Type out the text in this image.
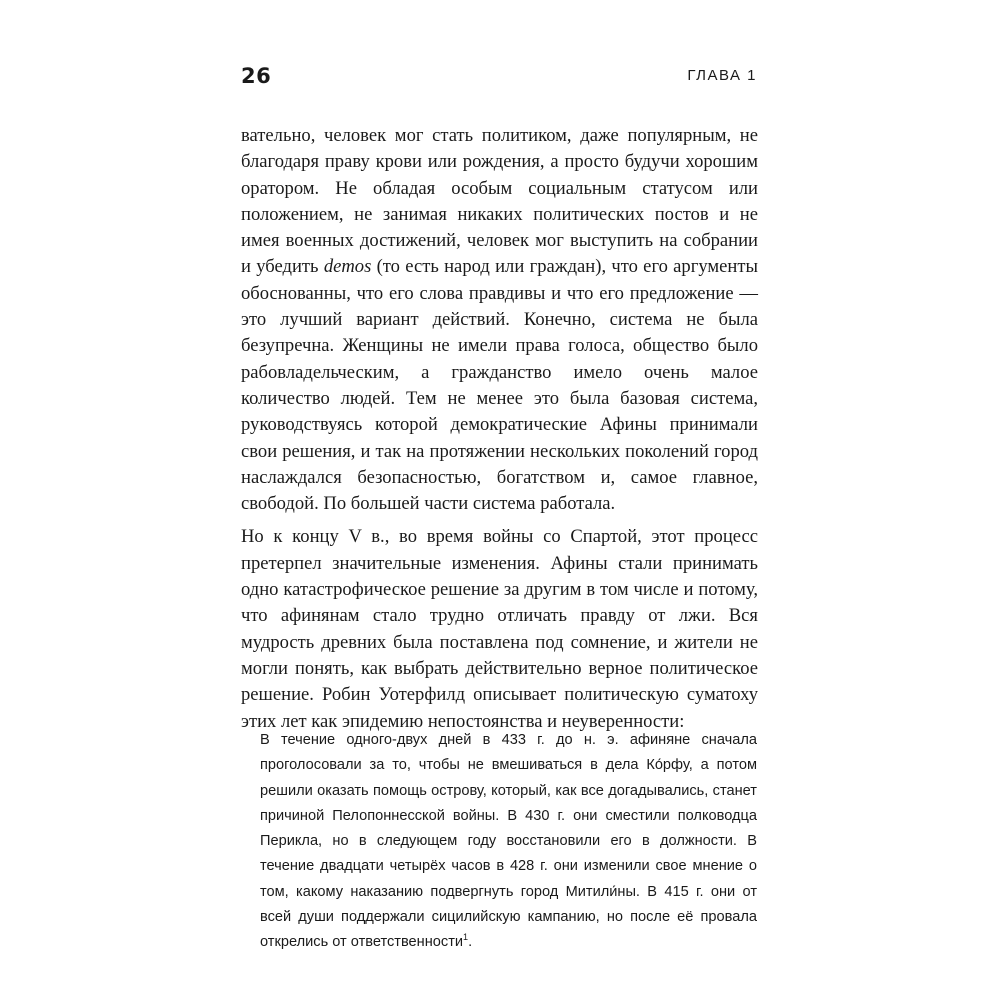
26	ГЛАВА 1

вательно, человек мог стать политиком, даже популярным, не благодаря праву крови или рождения, а просто будучи хорошим оратором. Не обладая особым социальным статусом или положением, не занимая никаких политических постов и не имея военных достижений, человек мог выступить на собрании и убедить demos (то есть народ или граждан), что его аргументы обоснованны, что его слова правдивы и что его предложение — это лучший вариант действий. Конечно, система не была безупречна. Женщины не имели права голоса, общество было рабовладельческим, а гражданство имело очень малое количество людей. Тем не менее это была базовая система, руководствуясь которой демократические Афины принимали свои решения, и так на протяжении нескольких поколений город наслаждался безопасностью, богатством и, самое главное, свободой. По большей части система работала.

Но к концу V в., во время войны со Спартой, этот процесс претерпел значительные изменения. Афины стали принимать одно катастрофическое решение за другим в том числе и потому, что афинянам стало трудно отличать правду от лжи. Вся мудрость древних была поставлена под сомнение, и жители не могли понять, как выбрать действительно верное политическое решение. Робин Уотерфилд описывает политическую суматоху этих лет как эпидемию непостоянства и неуверенности:

В течение одного-двух дней в 433 г. до н. э. афиняне сначала проголосовали за то, чтобы не вмешиваться в дела Ко́рфу, а потом решили оказать помощь острову, который, как все догадывались, станет причиной Пелопоннесской войны. В 430 г. они сместили полководца Перикла, но в следующем году восстановили его в должности. В течение двадцати четырёх часов в 428 г. они изменили свое мнение о том, какому наказанию подвергнуть город Митили́ны. В 415 г. они от всей души поддержали сицилийскую кампанию, но после её провала открелись от ответственности$^1$.
